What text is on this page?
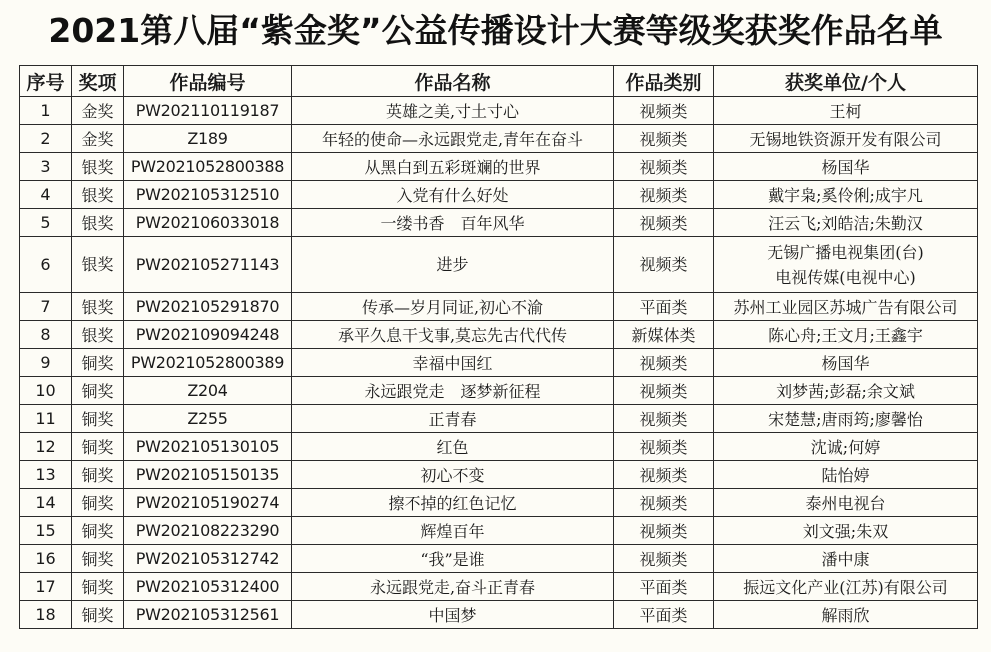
2021第八届“紫金奖”公益传播设计大赛等级奖获奖作品名单
序号	奖项	作品编号	作品名称	作品类别	获奖单位/个人
1	金奖	PW202110119187	英雄之美,寸土寸心	视频类	王柯

2	金奖	Z189	年轻的使命—永远跟党走,青年在奋斗	视频类	无锡地铁资源开发有限公司

3	银奖	PW2021052800388	从黑白到五彩斑斓的世界	视频类	杨国华

4	银奖	PW202105312510	入党有什么好处	视频类	戴宇枭;奚伶俐;成宇凡

5	银奖	PW202106033018	一缕书香　百年风华	视频类	汪云飞;刘皓洁;朱勤汉

6	银奖	PW202105271143	进步	视频类	无锡广播电视集团(台)
电视传媒(电视中心)

7	银奖	PW202105291870	传承—岁月同证,初心不渝	平面类	苏州工业园区苏城广告有限公司

8	银奖	PW202109094248	承平久息干戈事,莫忘先古代代传	新媒体类	陈心舟;王文月;王鑫宇

9	铜奖	PW2021052800389	幸福中国红	视频类	杨国华

10	铜奖	Z204	永远跟党走　逐梦新征程	视频类	刘梦茜;彭磊;余文斌

11	铜奖	Z255	正青春	视频类	宋楚慧;唐雨筠;廖馨怡

12	铜奖	PW202105130105	红色	视频类	沈诚;何婷

13	铜奖	PW202105150135	初心不变	视频类	陆怡婷

14	铜奖	PW202105190274	擦不掉的红色记忆	视频类	泰州电视台

15	铜奖	PW202108223290	辉煌百年	视频类	刘文强;朱双

16	铜奖	PW202105312742	“我”是谁	视频类	潘中康

17	铜奖	PW202105312400	永远跟党走,奋斗正青春	平面类	振远文化产业(江苏)有限公司

18	铜奖	PW202105312561	中国梦	平面类	解雨欣
